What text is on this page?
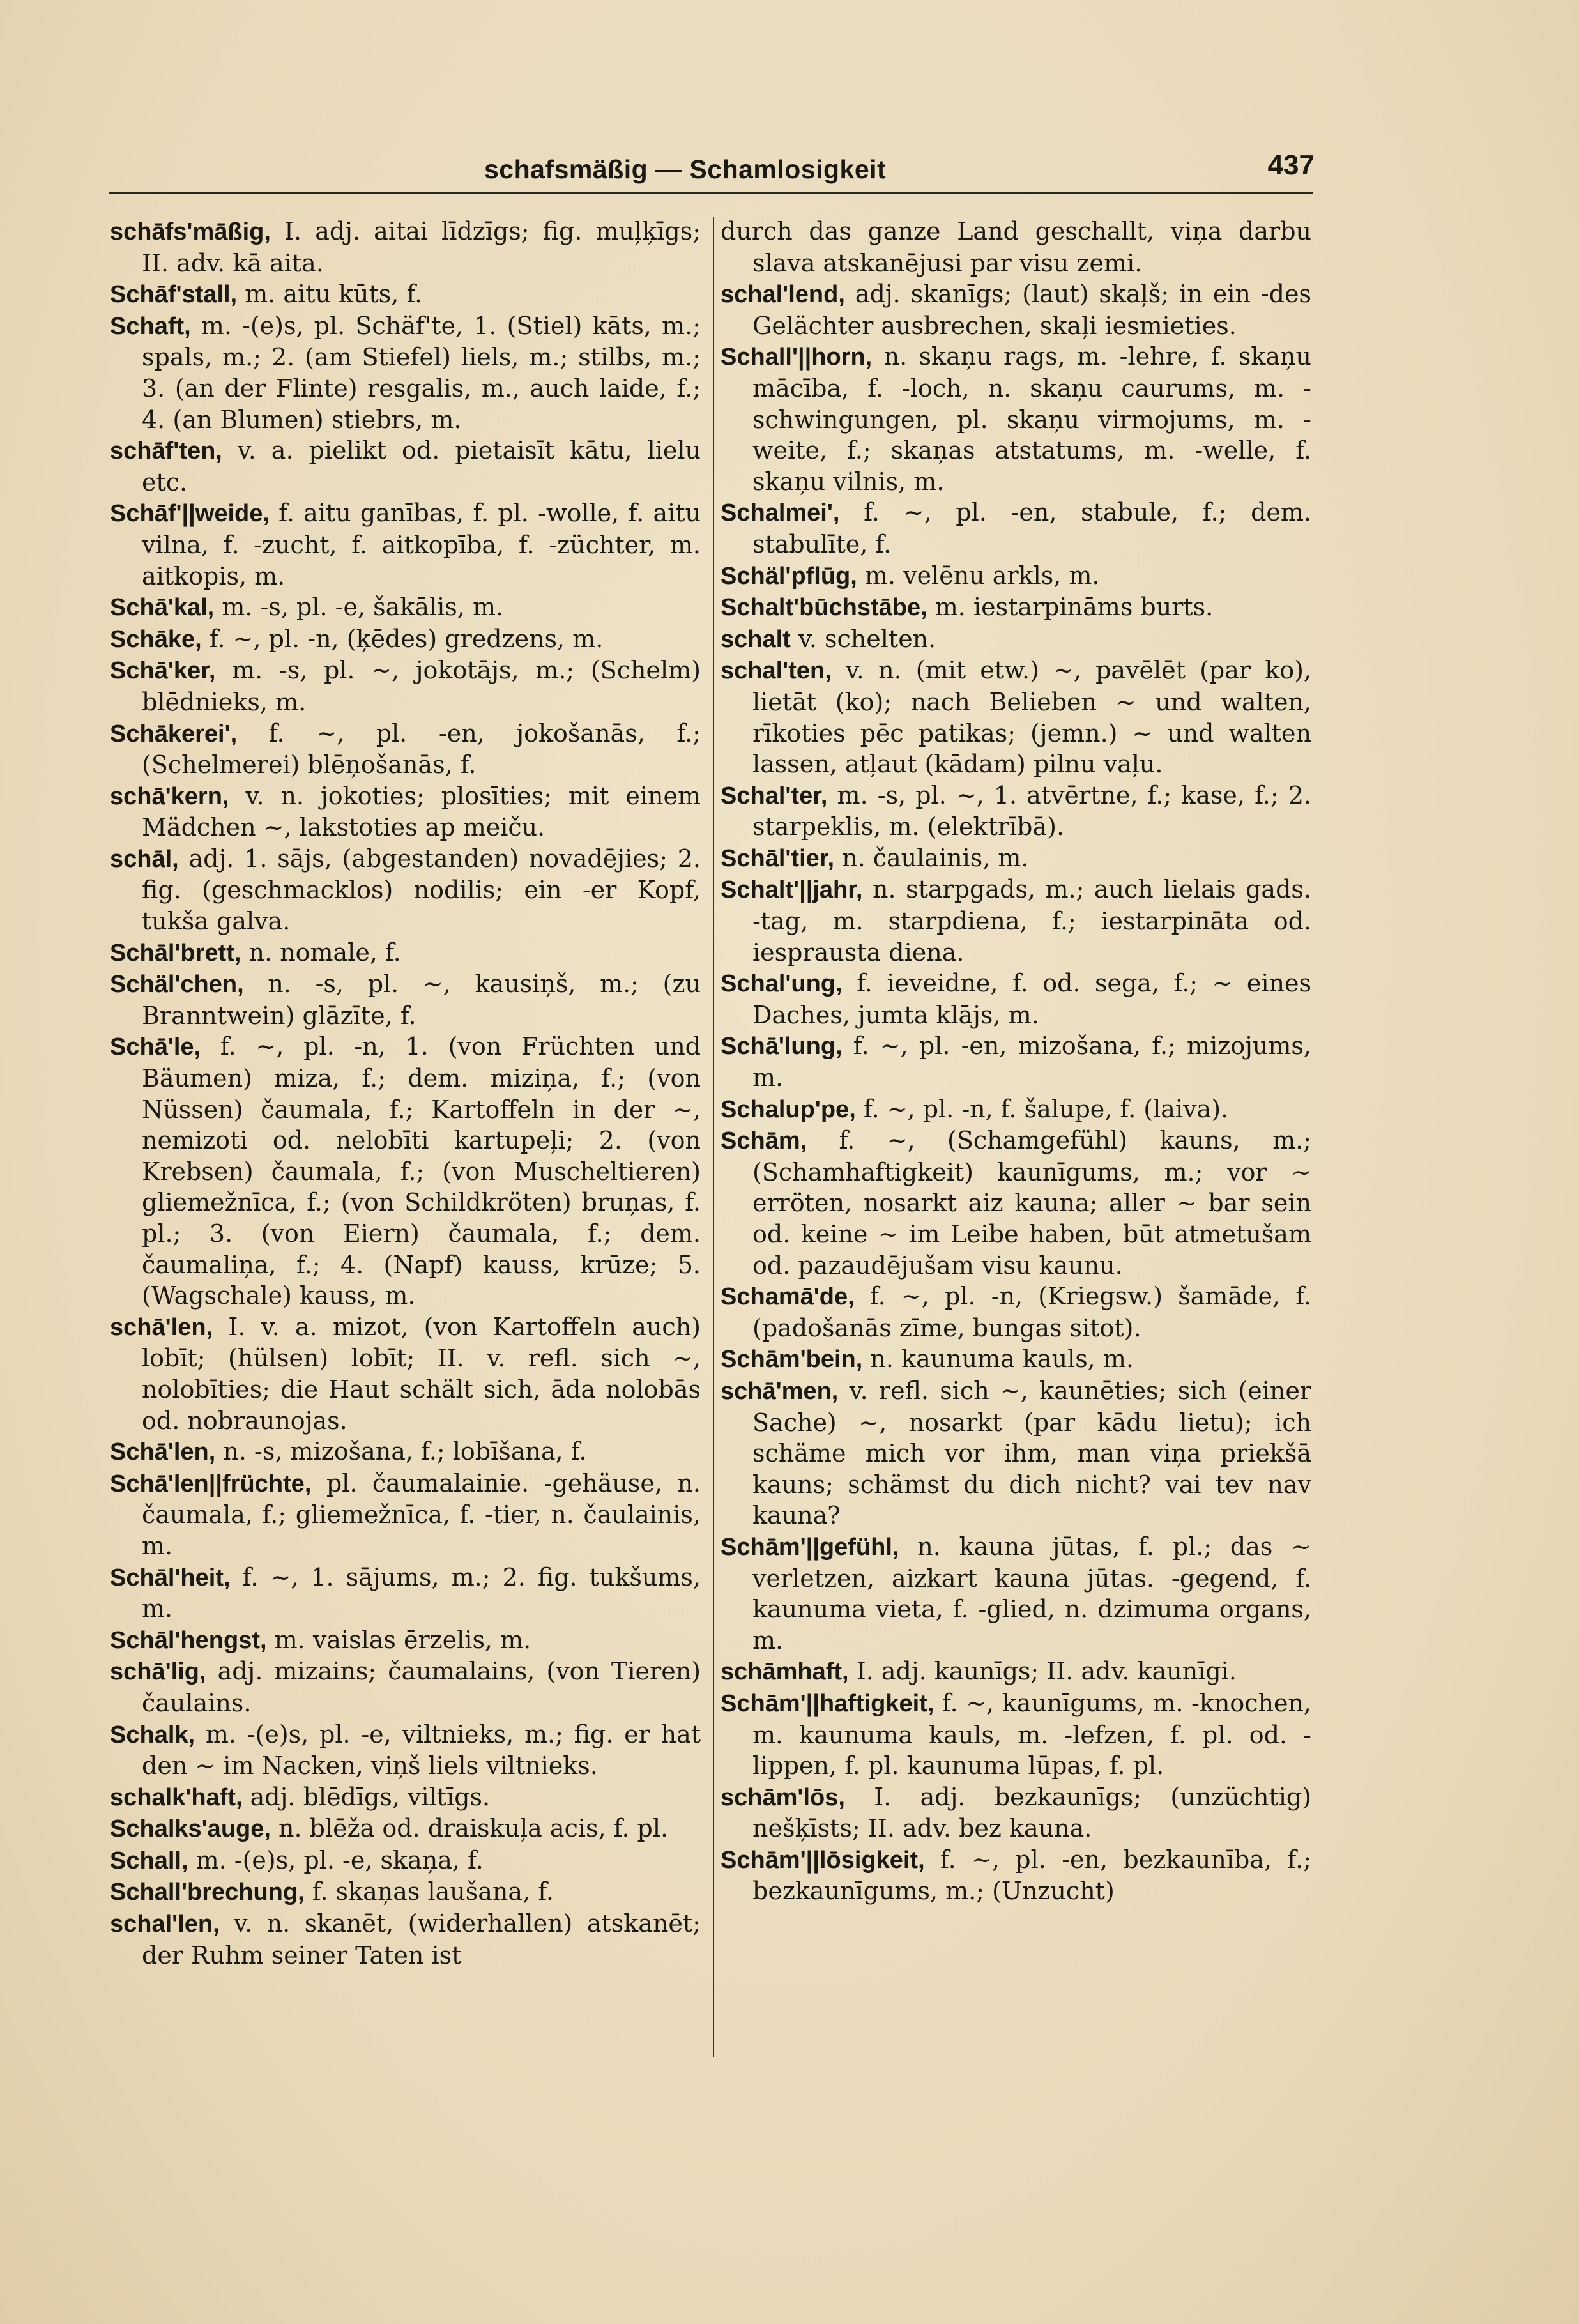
schafsmäßig — Schamlosigkeit	437

schāfs'māßig, I. adj. aitai līdzīgs; fig. muļķīgs; II. adv. kā aita.

Schāf'stall, m. aitu kūts, f.

Schaft, m. -(e)s, pl. Schäf'te, 1. (Stiel) kāts, m.; spals, m.; 2. (am Stiefel) liels, m.; stilbs, m.; 3. (an der Flinte) resgalis, m., auch laide, f.; 4. (an Blumen) stiebrs, m.

schāf'ten, v. a. pielikt od. pietaisīt kātu, lielu etc.

Schāf'||weide, f. aitu ganības, f. pl. -wolle, f. aitu vilna, f. -zucht, f. aitkopība, f. -züchter, m. aitkopis, m.

Schā'kal, m. -s, pl. -e, šakālis, m.

Schāke, f. ~, pl. -n, (ķēdes) gredzens, m.

Schā'ker, m. -s, pl. ~, jokotājs, m.; (Schelm) blēdnieks, m.

Schākerei', f. ~, pl. -en, jokošanās, f.; (Schelmerei) blēņošanās, f.

schā'kern, v. n. jokoties; plosīties; mit einem Mädchen ~, lakstoties ap meiču.

schāl, adj. 1. sājs, (abgestanden) novadējies; 2. fig. (geschmacklos) nodilis; ein -er Kopf, tukša galva.

Schāl'brett, n. nomale, f.

Schäl'chen, n. -s, pl. ~, kausiņš, m.; (zu Branntwein) glāzīte, f.

Schā'le, f. ~, pl. -n, 1. (von Früchten und Bäumen) miza, f.; dem. miziņa, f.; (von Nüssen) čaumala, f.; Kartoffeln in der ~, nemizoti od. nelobīti kartupeļi; 2. (von Krebsen) čaumala, f.; (von Muscheltieren) gliemežnīca, f.; (von Schildkröten) bruņas, f. pl.; 3. (von Eiern) čaumala, f.; dem. čaumaliņa, f.; 4. (Napf) kauss, krūze; 5. (Wagschale) kauss, m.

schā'len, I. v. a. mizot, (von Kartoffeln auch) lobīt; (hülsen) lobīt; II. v. refl. sich ~, nolobīties; die Haut schält sich, āda nolobās od. nobraunojas.

Schā'len, n. -s, mizošana, f.; lobīšana, f.

Schā'len||früchte, pl. čaumalainie. -gehäuse, n. čaumala, f.; gliemežnīca, f. -tier, n. čaulainis, m.

Schāl'heit, f. ~, 1. sājums, m.; 2. fig. tukšums, m.

Schāl'hengst, m. vaislas ērzelis, m.

schā'lig, adj. mizains; čaumalains, (von Tieren) čaulains.

Schalk, m. -(e)s, pl. -e, viltnieks, m.; fig. er hat den ~ im Nacken, viņš liels viltnieks.

schalk'haft, adj. blēdīgs, viltīgs.

Schalks'auge, n. blēža od. draiskuļa acis, f. pl.

Schall, m. -(e)s, pl. -e, skaņa, f.

Schall'brechung, f. skaņas laušana, f.

schal'len, v. n. skanēt, (widerhallen) atskanēt; der Ruhm seiner Taten ist

durch das ganze Land geschallt, viņa darbu slava atskanējusi par visu zemi.

schal'lend, adj. skanīgs; (laut) skaļš; in ein -des Gelächter ausbrechen, skaļi iesmieties.

Schall'||horn, n. skaņu rags, m. -lehre, f. skaņu mācība, f. -loch, n. skaņu caurums, m. -schwingungen, pl. skaņu virmojums, m. -weite, f.; skaņas atstatums, m. -welle, f. skaņu vilnis, m.

Schalmei', f. ~, pl. -en, stabule, f.; dem. stabulīte, f.

Schäl'pflūg, m. velēnu arkls, m.

Schalt'būchstābe, m. iestarpināms burts.

schalt v. schelten.

schal'ten, v. n. (mit etw.) ~, pavēlēt (par ko), lietāt (ko); nach Belieben ~ und walten, rīkoties pēc patikas; (jemn.) ~ und walten lassen, atļaut (kādam) pilnu vaļu.

Schal'ter, m. -s, pl. ~, 1. atvērtne, f.; kase, f.; 2. starpeklis, m. (elektrībā).

Schāl'tier, n. čaulainis, m.

Schalt'||jahr, n. starpgads, m.; auch lielais gads. -tag, m. starpdiena, f.; iestarpināta od. iesprausta diena.

Schal'ung, f. ieveidne, f. od. sega, f.; ~ eines Daches, jumta klājs, m.

Schā'lung, f. ~, pl. -en, mizošana, f.; mizojums, m.

Schalup'pe, f. ~, pl. -n, f. šalupe, f. (laiva).

Schām, f. ~, (Schamgefühl) kauns, m.; (Schamhaftigkeit) kaunīgums, m.; vor ~ erröten, nosarkt aiz kauna; aller ~ bar sein od. keine ~ im Leibe haben, būt atmetušam od. pazaudējušam visu kaunu.

Schamā'de, f. ~, pl. -n, (Kriegsw.) šamāde, f. (padošanās zīme, bungas sitot).

Schām'bein, n. kaunuma kauls, m.

schā'men, v. refl. sich ~, kaunēties; sich (einer Sache) ~, nosarkt (par kādu lietu); ich schäme mich vor ihm, man viņa priekšā kauns; schämst du dich nicht? vai tev nav kauna?

Schām'||gefühl, n. kauna jūtas, f. pl.; das ~ verletzen, aizkart kauna jūtas. -gegend, f. kaunuma vieta, f. -glied, n. dzimuma organs, m.

schāmhaft, I. adj. kaunīgs; II. adv. kaunīgi.

Schām'||haftigkeit, f. ~, kaunīgums, m. -knochen, m. kaunuma kauls, m. -lefzen, f. pl. od. -lippen, f. pl. kaunuma lūpas, f. pl.

schām'lōs, I. adj. bezkaunīgs; (unzüchtig) nešķīsts; II. adv. bez kauna.

Schām'||lōsigkeit, f. ~, pl. -en, bezkaunība, f.; bezkaunīgums, m.; (Unzucht)
